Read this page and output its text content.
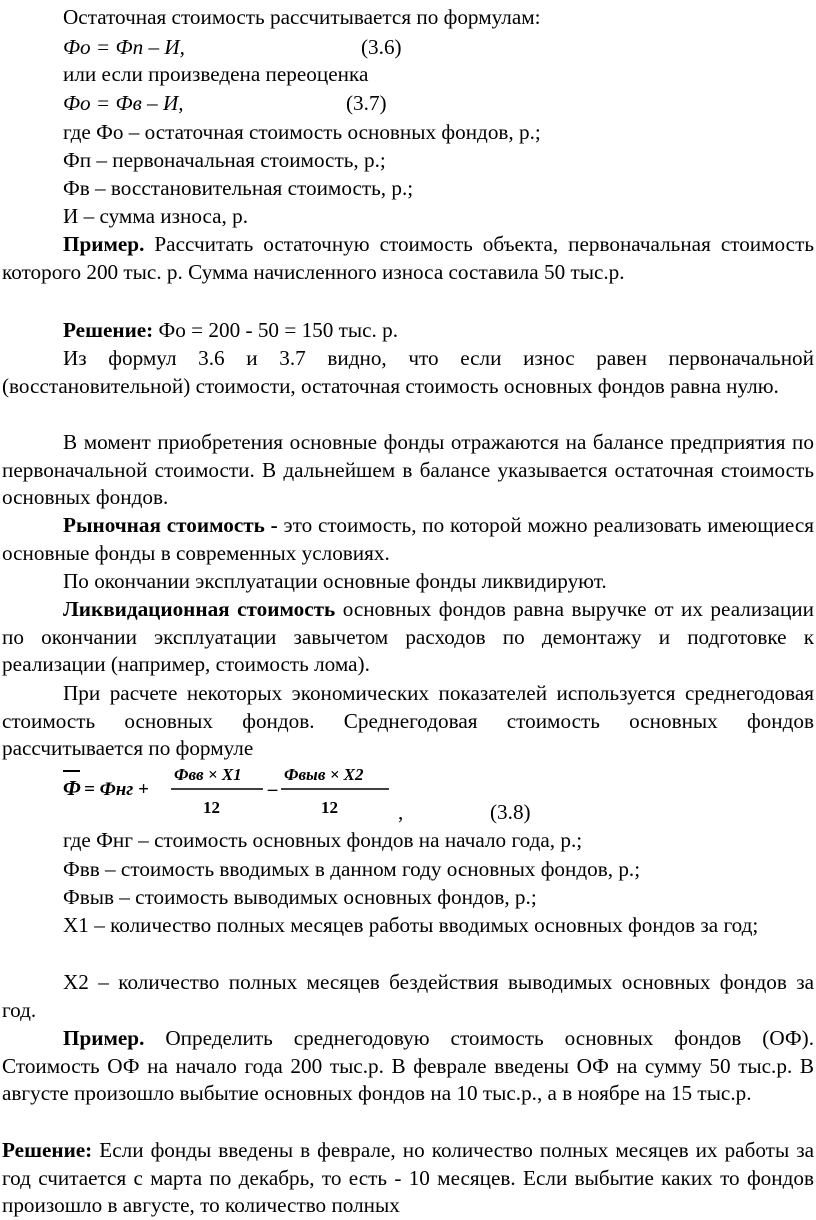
Остаточная стоимость рассчитывается по формулам:
Фо = Фп – И,	(3.6)
или если произведена переоценка
Фо = Фв – И,	(3.7)
где Фо – остаточная стоимость основных фондов, р.;
Фп – первоначальная стоимость, р.;
Фв – восстановительная стоимость, р.;
И – сумма износа, р.
Пример. Рассчитать остаточную стоимость объекта, первоначальная стоимость которого 200 тыс. р. Сумма начисленного износа составила 50 тыс.р.
Решение: Фо = 200 - 50 = 150 тыс. р.
Из формул 3.6 и 3.7 видно, что если износ равен первоначальной (восстановительной) стоимости, остаточная стоимость основных фондов равна нулю.
В момент приобретения основные фонды отражаются на балансе предприятия по первоначальной стоимости. В дальнейшем в балансе указывается остаточная стоимость основных фондов.
Рыночная стоимость - это стоимость, по которой можно реализовать имеющиеся основные фонды в современных условиях.
По окончании эксплуатации основные фонды ликвидируют.
Ликвидационная стоимость основных фондов равна выручке от их реализации по окончании эксплуатации завычетом расходов по демонтажу и подготовке к реализации (например, стоимость лома).
При расчете некоторых экономических показателей используется среднегодовая стоимость основных фондов. Среднегодовая стоимость основных фондов рассчитывается по формуле
Ф = Фнг +
Фвв × Х1
12
–
Фвыв × Х2
12	,	(3.8)
где Фнг – стоимость основных фондов на начало года, р.;
Фвв – стоимость вводимых в данном году основных фондов, р.;
Фвыв – стоимость выводимых основных фондов, р.;
Х1 – количество полных месяцев работы вводимых основных фондов за год;
Х2 – количество полных месяцев бездействия выводимых основных фондов за год.
Пример. Определить среднегодовую стоимость основных фондов (ОФ). Стоимость ОФ на начало года 200 тыс.р. В феврале введены ОФ на сумму 50 тыс.р. В августе произошло выбытие основных фондов на 10 тыс.р., а в ноябре на 15 тыс.р.
Решение: Если фонды введены в феврале, но количество полных месяцев их работы за год считается с марта по декабрь, то есть - 10 месяцев. Если выбытие каких то фондов произошло в августе, то количество полных
